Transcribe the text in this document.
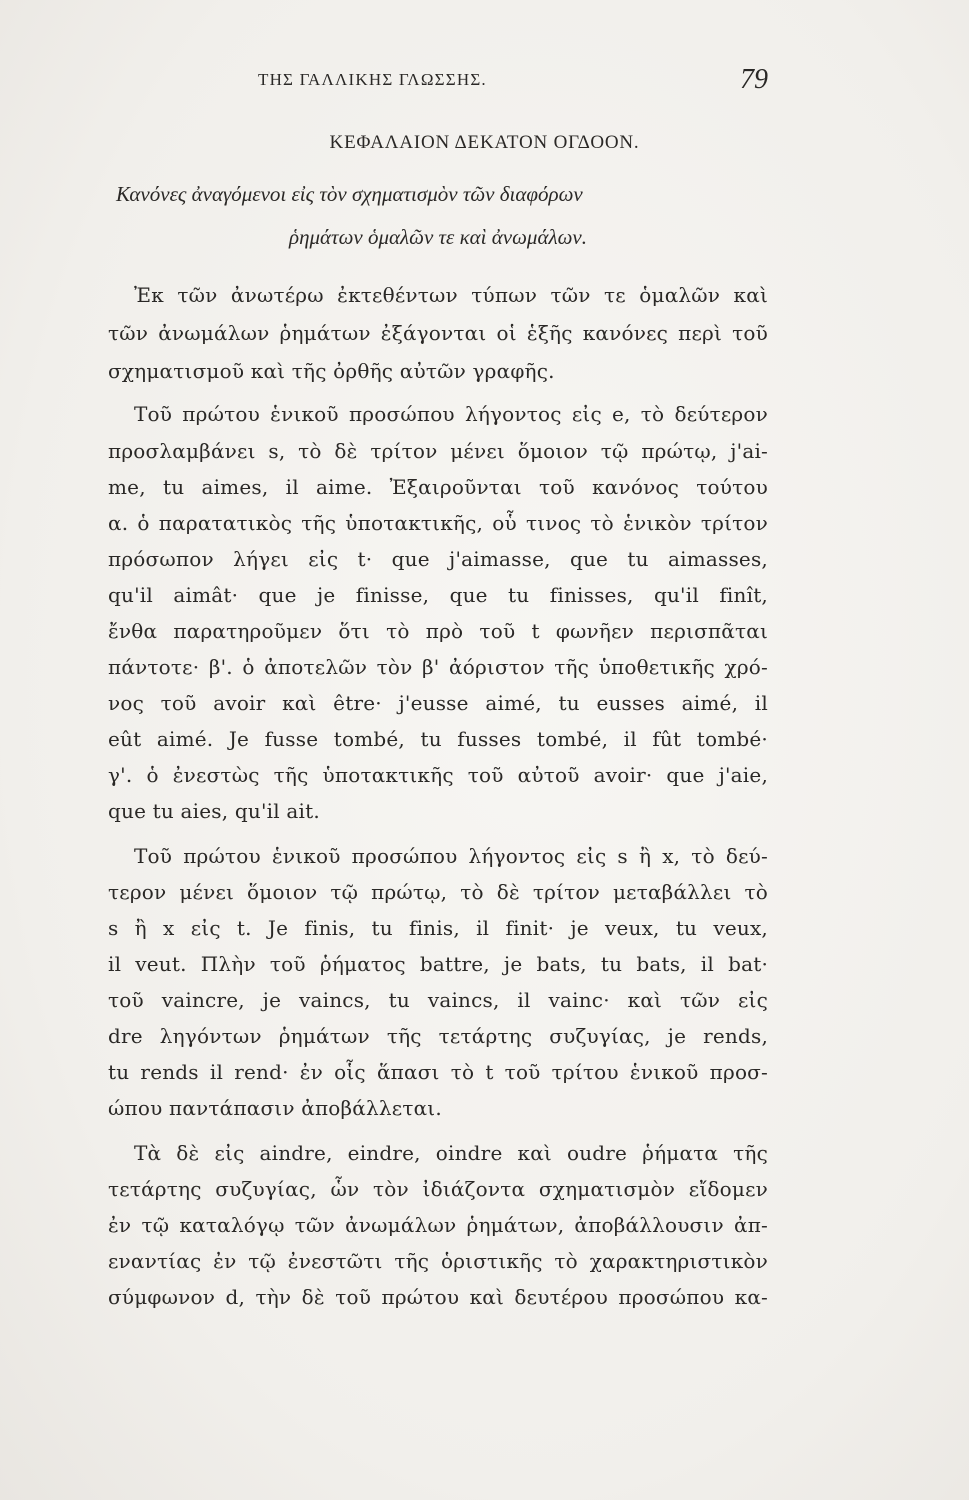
ΤΗΣ ΓΑΛΛΙΚΗΣ ΓΛΩΣΣΗΣ.	79
ΚΕΦΑΛΑΙΟΝ ΔΕΚΑΤΟΝ ΟΓΔΟΟΝ.
Κανόνες ἀναγόμενοι εἰς τὸν σχηματισμὸν τῶν διαφόρων
ῥημάτων ὁμαλῶν τε καὶ ἀνωμάλων.
Ἐκ τῶν ἀνωτέρω ἐκτεθέντων τύπων τῶν τε ὁμαλῶν καὶ
τῶν ἀνωμάλων ῥημάτων ἐξάγονται οἱ ἑξῆς κανόνες περὶ τοῦ
σχηματισμοῦ καὶ τῆς ὀρθῆς αὐτῶν γραφῆς.
Τοῦ πρώτου ἑνικοῦ προσώπου λήγοντος εἰς e, τὸ δεύτερον
προσλαμβάνει s, τὸ δὲ τρίτον μένει ὅμοιον τῷ πρώτῳ, j'ai-
me, tu aimes, il aime. Ἐξαιροῦνται τοῦ κανόνος τούτου
α. ὁ παρατατικὸς τῆς ὑποτακτικῆς, οὗ τινος τὸ ἑνικὸν τρίτον
πρόσωπον λήγει εἰς t· que j'aimasse, que tu aimasses,
qu'il aimât· que je finisse, que tu finisses, qu'il finît,
ἔνθα παρατηροῦμεν ὅτι τὸ πρὸ τοῦ t φωνῆεν περισπᾶται
πάντοτε· β'. ὁ ἀποτελῶν τὸν β' ἀόριστον τῆς ὑποθετικῆς χρό-
νος τοῦ avoir καὶ être· j'eusse aimé, tu eusses aimé, il
eût aimé. Je fusse tombé, tu fusses tombé, il fût tombé·
γ'. ὁ ἐνεστὼς τῆς ὑποτακτικῆς τοῦ αὐτοῦ avoir· que j'aie,
que tu aies, qu'il ait.
Τοῦ πρώτου ἑνικοῦ προσώπου λήγοντος εἰς s ἢ x, τὸ δεύ-
τερον μένει ὅμοιον τῷ πρώτῳ, τὸ δὲ τρίτον μεταβάλλει τὸ
s ἢ x εἰς t. Je finis, tu finis, il finit· je veux, tu veux,
il veut. Πλὴν τοῦ ῥήματος battre, je bats, tu bats, il bat·
τοῦ vaincre, je vaincs, tu vaincs, il vainc· καὶ τῶν εἰς
dre ληγόντων ῥημάτων τῆς τετάρτης συζυγίας, je rends,
tu rends il rend· ἐν οἷς ἅπασι τὸ t τοῦ τρίτου ἑνικοῦ προσ-
ώπου παντάπασιν ἀποβάλλεται.
Τὰ δὲ εἰς aindre, eindre, oindre καὶ oudre ῥήματα τῆς
τετάρτης συζυγίας, ὧν τὸν ἰδιάζοντα σχηματισμὸν εἴδομεν
ἐν τῷ καταλόγῳ τῶν ἀνωμάλων ῥημάτων, ἀποβάλλουσιν ἀπ-
εναντίας ἐν τῷ ἐνεστῶτι τῆς ὁριστικῆς τὸ χαρακτηριστικὸν
σύμφωνον d, τὴν δὲ τοῦ πρώτου καὶ δευτέρου προσώπου κα-
